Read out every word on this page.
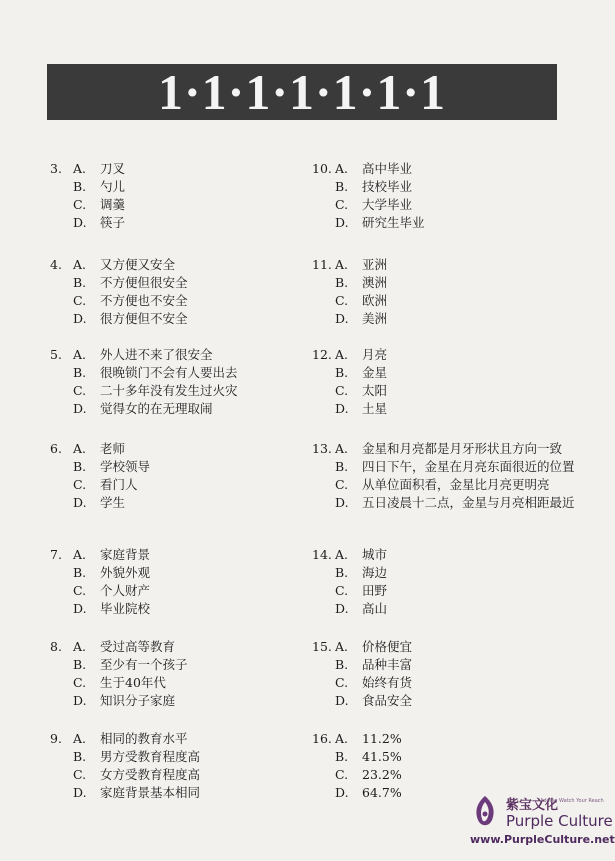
1·1·1·1·1·1·1
3. A.	刀叉
B.	勺儿
C.	调羹
D.	筷子
4. A.	又方便又安全
B.	不方便但很安全
C.	不方便也不安全
D.	很方便但不安全
5. A.	外人进不来了很安全
B.	很晚锁门不会有人要出去
C.	二十多年没有发生过火灾
D.	觉得女的在无理取闹
6. A.	老师
B.	学校领导
C.	看门人
D.	学生
7. A.	家庭背景
B.	外貌外观
C.	个人财产
D.	毕业院校
8. A.	受过高等教育
B.	至少有一个孩子
C.	生于40年代
D.	知识分子家庭
9. A.	相同的教育水平
B.	男方受教育程度高
C.	女方受教育程度高
D.	家庭背景基本相同
10. A.	高中毕业
B.	技校毕业
C.	大学毕业
D.	研究生毕业
11. A.	亚洲
B.	澳洲
C.	欧洲
D.	美洲
12. A.	月亮
B.	金星
C.	太阳
D.	土星
13. A.	金星和月亮都是月牙形状且方向一致
B.	四日下午，金星在月亮东面很近的位置
C.	从单位面积看，金星比月亮更明亮
D.	五日凌晨十二点，金星与月亮相距最近
14. A.	城市
B.	海边
C.	田野
D.	高山
15. A.	价格便宜
B.	品种丰富
C.	始终有货
D.	食品安全
16. A.	11.2%
B.	41.5%
C.	23.2%
D.	64.7%
紫宝文化
Adding Watch Your Reach
Purple Culture
www.PurpleCulture.net
